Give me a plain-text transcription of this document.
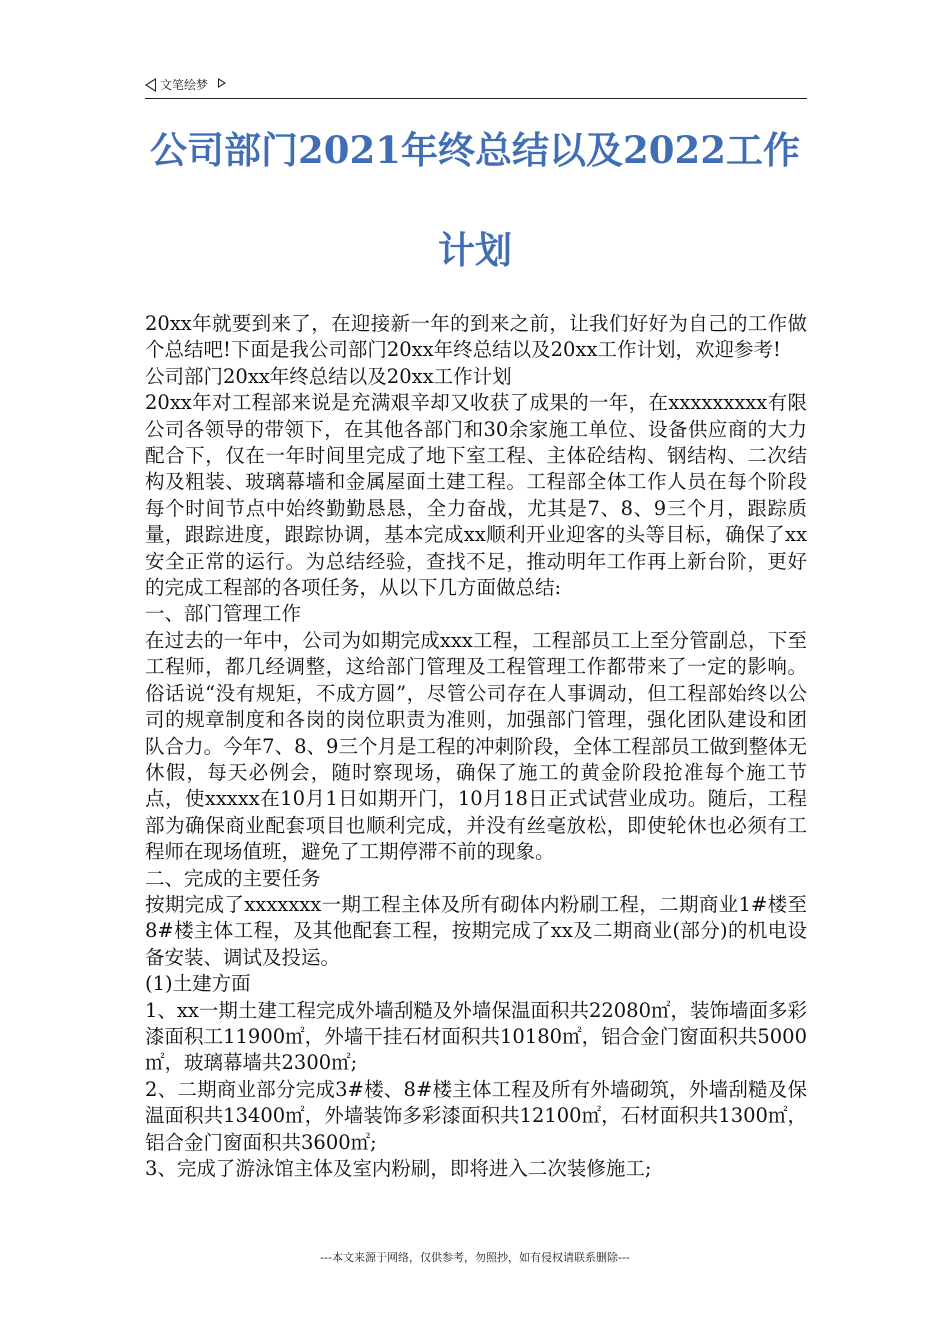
文笔绘梦
公司部门2021年终总结以及2022工作
计划

20xx年就要到来了，在迎接新一年的到来之前，让我们好好为自己的工作做个总结吧!下面是我公司部门20xx年终总结以及20xx工作计划，欢迎参考!

公司部门20xx年终总结以及20xx工作计划

20xx年对工程部来说是充满艰辛却又收获了成果的一年，在xxxxxxxxx有限公司各领导的带领下，在其他各部门和30余家施工单位、设备供应商的大力配合下，仅在一年时间里完成了地下室工程、主体砼结构、钢结构、二次结构及粗装、玻璃幕墙和金属屋面土建工程。工程部全体工作人员在每个阶段每个时间节点中始终勤勤恳恳，全力奋战，尤其是7、8、9三个月，跟踪质量，跟踪进度，跟踪协调，基本完成xx顺利开业迎客的头等目标，确保了xx安全正常的运行。为总结经验，查找不足，推动明年工作再上新台阶，更好的完成工程部的各项任务，从以下几方面做总结:

一、部门管理工作

在过去的一年中，公司为如期完成xxx工程，工程部员工上至分管副总，下至工程师，都几经调整，这给部门管理及工程管理工作都带来了一定的影响。俗话说“没有规矩，不成方圆”，尽管公司存在人事调动，但工程部始终以公司的规章制度和各岗的岗位职责为准则，加强部门管理，强化团队建设和团队合力。今年7、8、9三个月是工程的冲刺阶段，全体工程部员工做到整体无休假，每天必例会，随时察现场，确保了施工的黄金阶段抢准每个施工节点，使xxxxx在10月1日如期开门，10月18日正式试营业成功。随后，工程部为确保商业配套项目也顺利完成，并没有丝毫放松，即使轮休也必须有工程师在现场值班，避免了工期停滞不前的现象。

二、完成的主要任务

按期完成了xxxxxxx一期工程主体及所有砌体内粉刷工程，二期商业1#楼至8#楼主体工程，及其他配套工程，按期完成了xx及二期商业(部分)的机电设备安装、调试及投运。

(1)土建方面

1、xx一期土建工程完成外墙刮糙及外墙保温面积共22080㎡，装饰墙面多彩漆面积工11900㎡，外墙干挂石材面积共10180㎡，铝合金门窗面积共5000㎡，玻璃幕墙共2300㎡;

2、二期商业部分完成3#楼、8#楼主体工程及所有外墙砌筑，外墙刮糙及保温面积共13400㎡，外墙装饰多彩漆面积共12100㎡，石材面积共1300㎡，铝合金门窗面积共3600㎡;

3、完成了游泳馆主体及室内粉刷，即将进入二次装修施工;

---本文来源于网络，仅供参考，勿照抄，如有侵权请联系删除---
